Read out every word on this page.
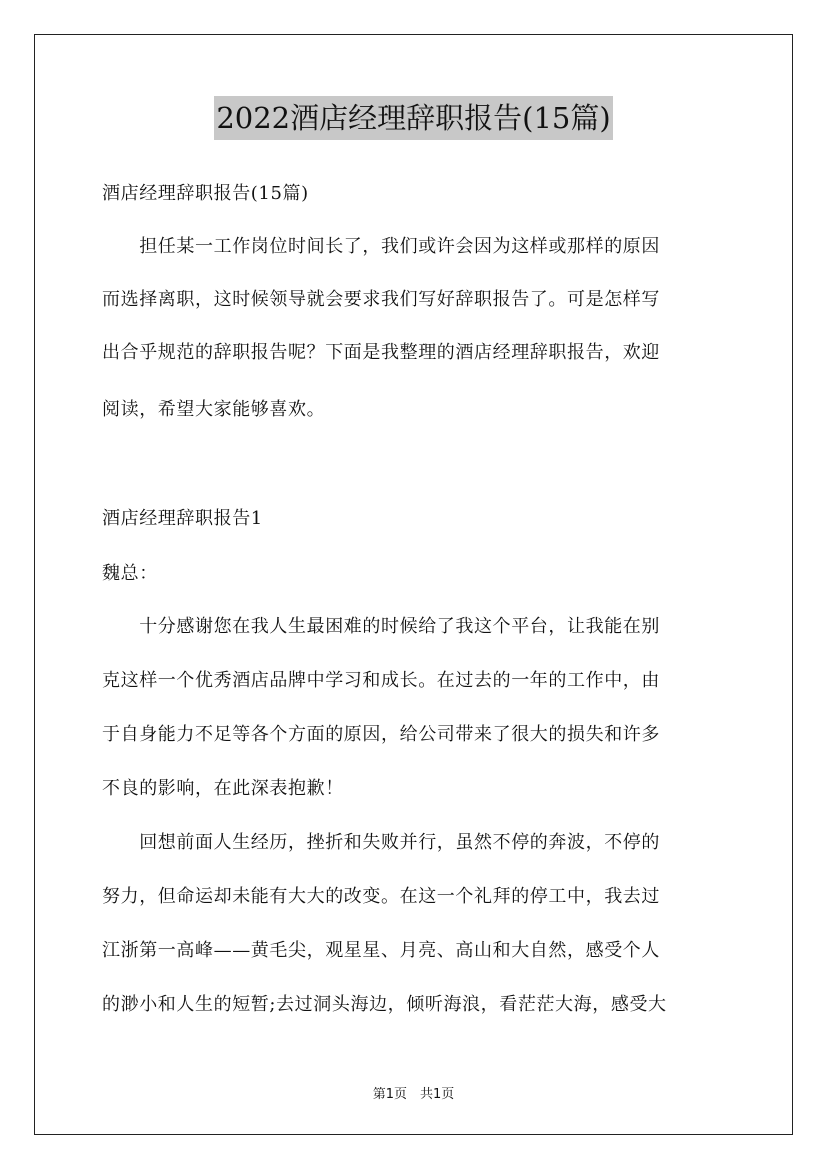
2022酒店经理辞职报告(15篇)
酒店经理辞职报告(15篇)
　　担任某一工作岗位时间长了，我们或许会因为这样或那样的原因
而选择离职，这时候领导就会要求我们写好辞职报告了。可是怎样写
出合乎规范的辞职报告呢？下面是我整理的酒店经理辞职报告，欢迎
阅读，希望大家能够喜欢。
酒店经理辞职报告1
魏总：
　　十分感谢您在我人生最困难的时候给了我这个平台，让我能在别
克这样一个优秀酒店品牌中学习和成长。在过去的一年的工作中，由
于自身能力不足等各个方面的原因，给公司带来了很大的损失和许多
不良的影响，在此深表抱歉！
　　回想前面人生经历，挫折和失败并行，虽然不停的奔波，不停的
努力，但命运却未能有大大的改变。在这一个礼拜的停工中，我去过
江浙第一高峰——黄毛尖，观星星、月亮、高山和大自然，感受个人
的渺小和人生的短暂;去过洞头海边，倾听海浪，看茫茫大海，感受大
第1页　共1页
